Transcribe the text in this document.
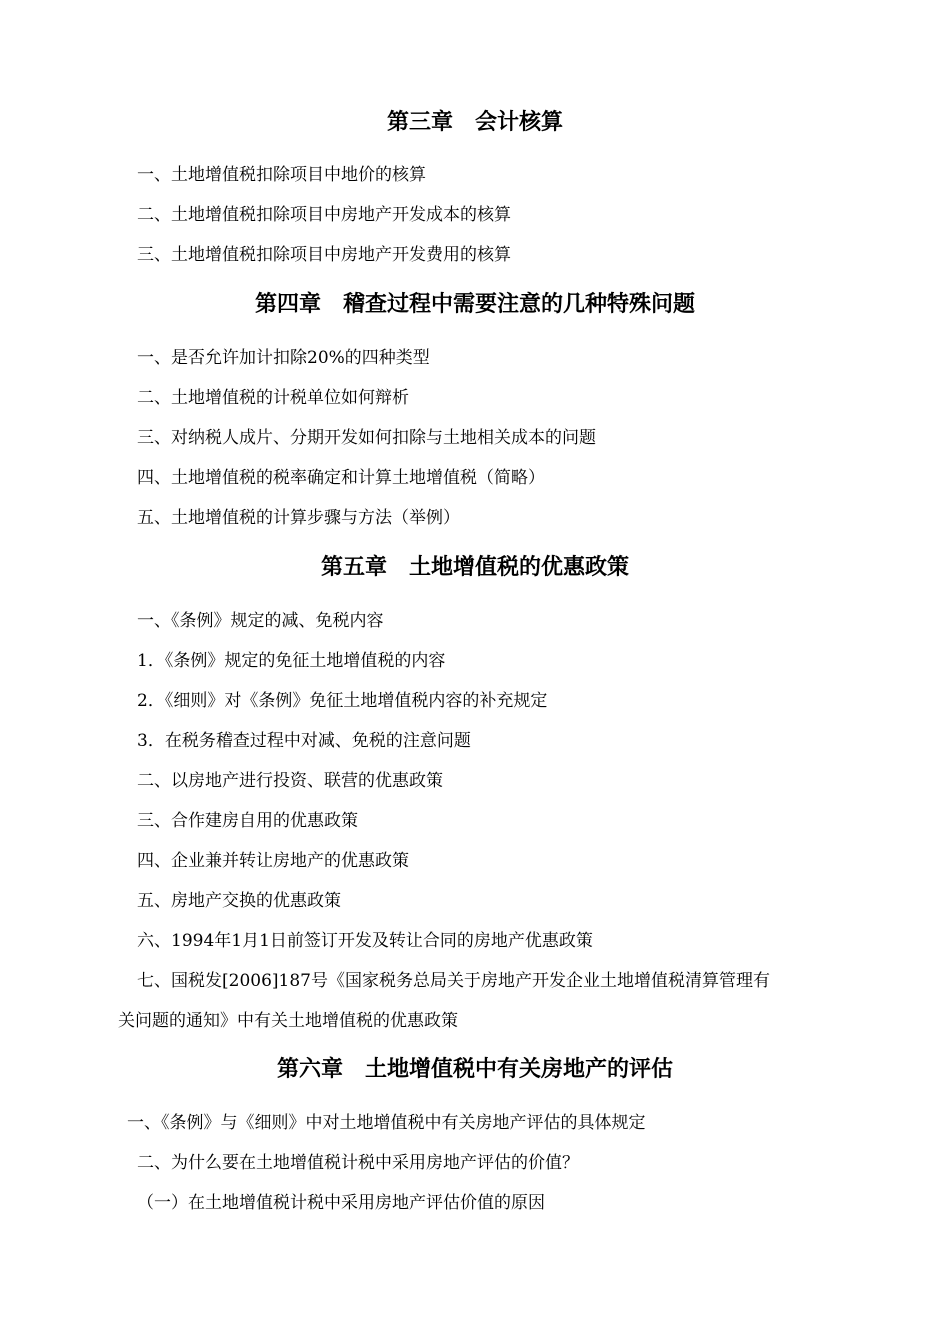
第三章　会计核算
一、土地增值税扣除项目中地价的核算
二、土地增值税扣除项目中房地产开发成本的核算
三、土地增值税扣除项目中房地产开发费用的核算
第四章　稽查过程中需要注意的几种特殊问题
一、是否允许加计扣除20%的四种类型
二、土地增值税的计税单位如何辩析
三、对纳税人成片、分期开发如何扣除与土地相关成本的问题
四、土地增值税的税率确定和计算土地增值税（简略）
五、土地增值税的计算步骤与方法（举例）
第五章　土地增值税的优惠政策
一、《条例》规定的减、免税内容
1．《条例》规定的免征土地增值税的内容
2．《细则》对《条例》免征土地增值税内容的补充规定
3．在税务稽查过程中对减、免税的注意问题
二、以房地产进行投资、联营的优惠政策
三、合作建房自用的优惠政策
四、企业兼并转让房地产的优惠政策
五、房地产交换的优惠政策
六、1994年1月1日前签订开发及转让合同的房地产优惠政策
七、国税发[2006]187号《国家税务总局关于房地产开发企业土地增值税清算管理有
关问题的通知》中有关土地增值税的优惠政策
第六章　土地增值税中有关房地产的评估
一、《条例》与《细则》中对土地增值税中有关房地产评估的具体规定
二、为什么要在土地增值税计税中采用房地产评估的价值？
（一）在土地增值税计税中采用房地产评估价值的原因
